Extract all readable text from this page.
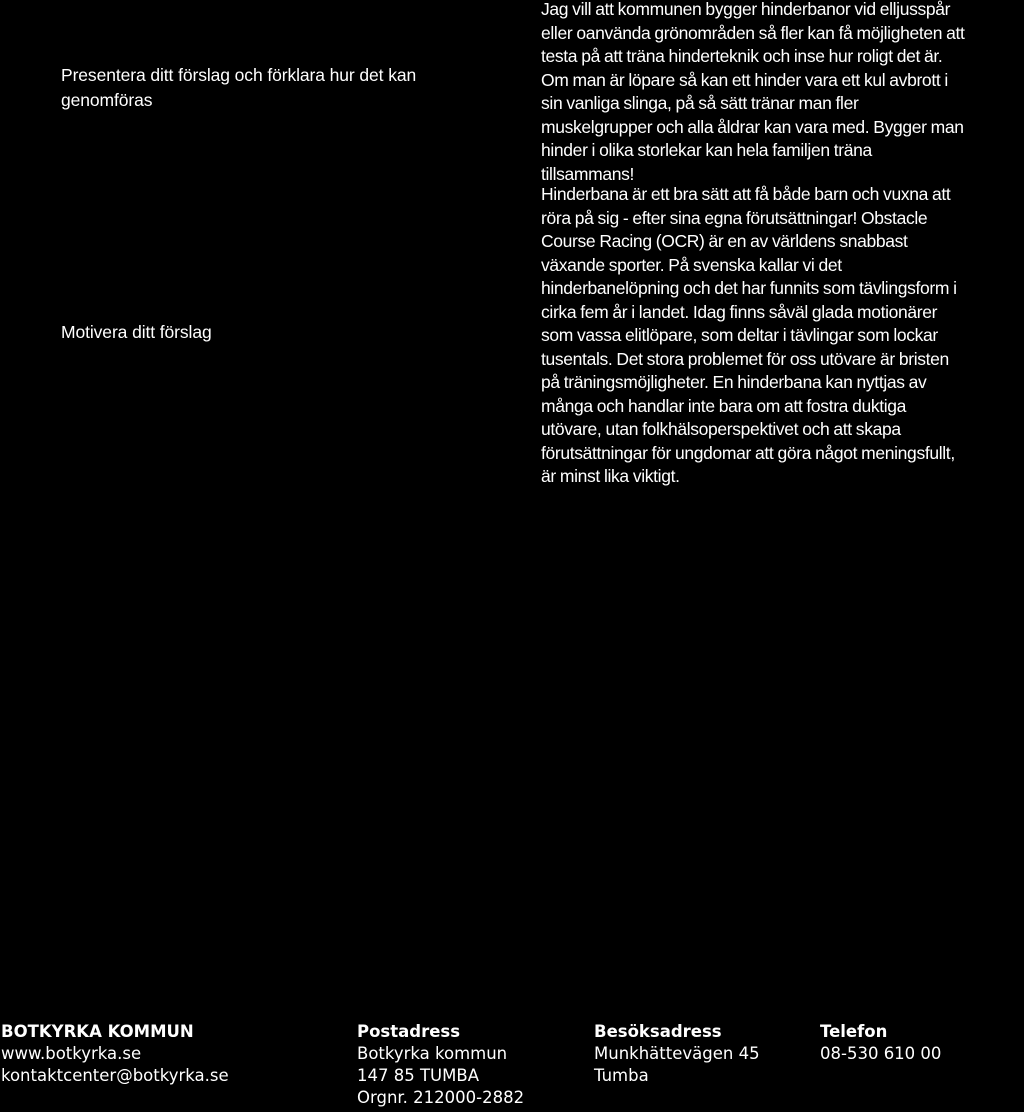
Presentera ditt förslag och förklara hur det kan genomföras
Motivera ditt förslag
Jag vill att kommunen bygger hinderbanor vid elljusspår
eller oanvända grönområden så fler kan få möjligheten att
testa på att träna hinderteknik och inse hur roligt det är.
Om man är löpare så kan ett hinder vara ett kul avbrott i
sin vanliga slinga, på så sätt tränar man fler
muskelgrupper och alla åldrar kan vara med. Bygger man
hinder i olika storlekar kan hela familjen träna
tillsammans!
Hinderbana är ett bra sätt att få både barn och vuxna att
röra på sig - efter sina egna förutsättningar! Obstacle
Course Racing (OCR) är en av världens snabbast
växande sporter. På svenska kallar vi det
hinderbanelöpning och det har funnits som tävlingsform i
cirka fem år i landet. Idag finns såväl glada motionärer
som vassa elitlöpare, som deltar i tävlingar som lockar
tusentals. Det stora problemet för oss utövare är bristen
på träningsmöjligheter. En hinderbana kan nyttjas av
många och handlar inte bara om att fostra duktiga
utövare, utan folkhälsoperspektivet och att skapa
förutsättningar för ungdomar att göra något meningsfullt,
är minst lika viktigt.
BOTKYRKA KOMMUN
www.botkyrka.se
kontaktcenter@botkyrka.se
Postadress
Botkyrka kommun
147 85 TUMBA
Orgnr. 212000-2882
Besöksadress
Munkhättevägen 45
Tumba
Telefon
08-530 610 00
